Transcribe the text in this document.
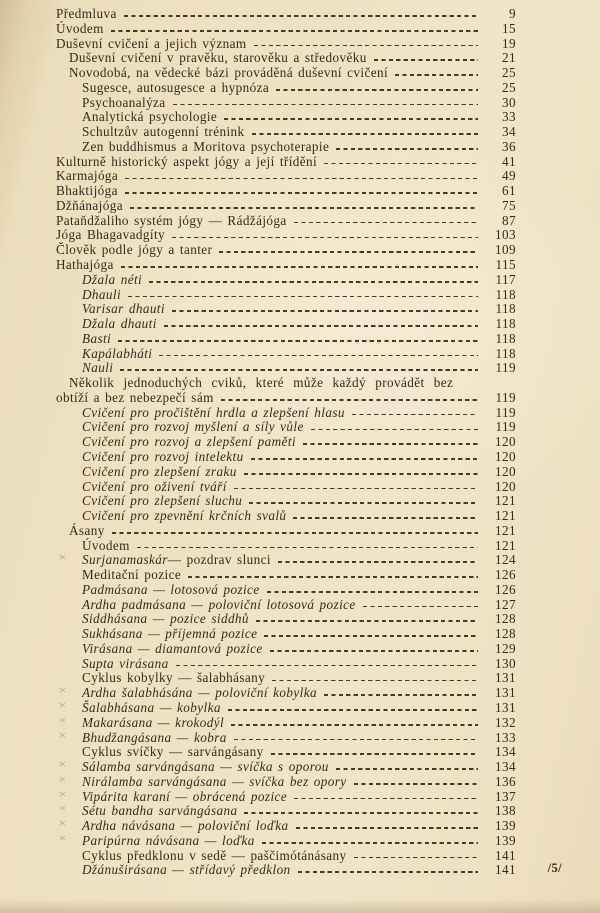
Předmluva	9
Úvodem	15
Duševní cvičení a jejich význam	19
Duševní cvičení v pravěku, starověku a středověku	21
Novodobá, na vědecké bázi prováděná duševní cvičení	25
Sugesce, autosugesce a hypnóza	25
Psychoanalýza	30
Analytická psychologie	33
Schultzův autogenní trénink	34
Zen buddhismus a Moritova psychoterapie	36
Kulturně historický aspekt jógy a její třídění	41
Karmajóga	49
Bhaktijóga	61
Džňánajóga	75
Pataňdžaliho systém jógy — Rádžájóga	87
Jóga Bhagavadgíty	103
Člověk podle jógy a tanter	109
Hathajóga	115
Džala néti	117
Dhauli	118
Varisar dhauti	118
Džala dhauti	118
Basti	118
Kapálabháti	118
Nauli	119
Několik jednoduchých cviků, které může každý provádět bez
obtíží a bez nebezpečí sám	119
Cvičení pro pročištění hrdla a zlepšení hlasu	119
Cvičení pro rozvoj myšlení a síly vůle	119
Cvičení pro rozvoj a zlepšení paměti	120
Cvičení pro rozvoj intelektu	120
Cvičení pro zlepšení zraku	120
Cvičení pro oživení tváří	120
Cvičení pro zlepšení sluchu	121
Cvičení pro zpevnění krčních svalů	121
Ásany	121
Úvodem	121
× Surjanamaskár — pozdrav slunci	124
Meditační pozice	126
Padmásana — lotosová pozice	126
Ardha padmásana — poloviční lotosová pozice	127
Siddhásana — pozice siddhů	128
Sukhásana — příjemná pozice	128
Virásana — diamantová pozice	129
Supta virásana	130
Cyklus kobylky — šalabhásany	131
× Ardha šalabhásána — poloviční kobylka	131
× Šalabhásana — kobylka	131
× Makarásana — krokodýl	132
× Bhudžangásana — kobra	133
Cyklus svíčky — sarvángásany	134
× Sálamba sarvángásana — svíčka s oporou	134
× Nirálamba sarvángásana — svíčka bez opory	136
× Vipárita karaní — obrácená pozice	137
× Sétu bandha sarvángásana	138
× Ardha návásana — poloviční loďka	139
× Paripúrna návásana — loďka	139
Cyklus předklonu v sedě — paščimótánásany	141
Džánuširásana — střídavý předklon	141	/5/
